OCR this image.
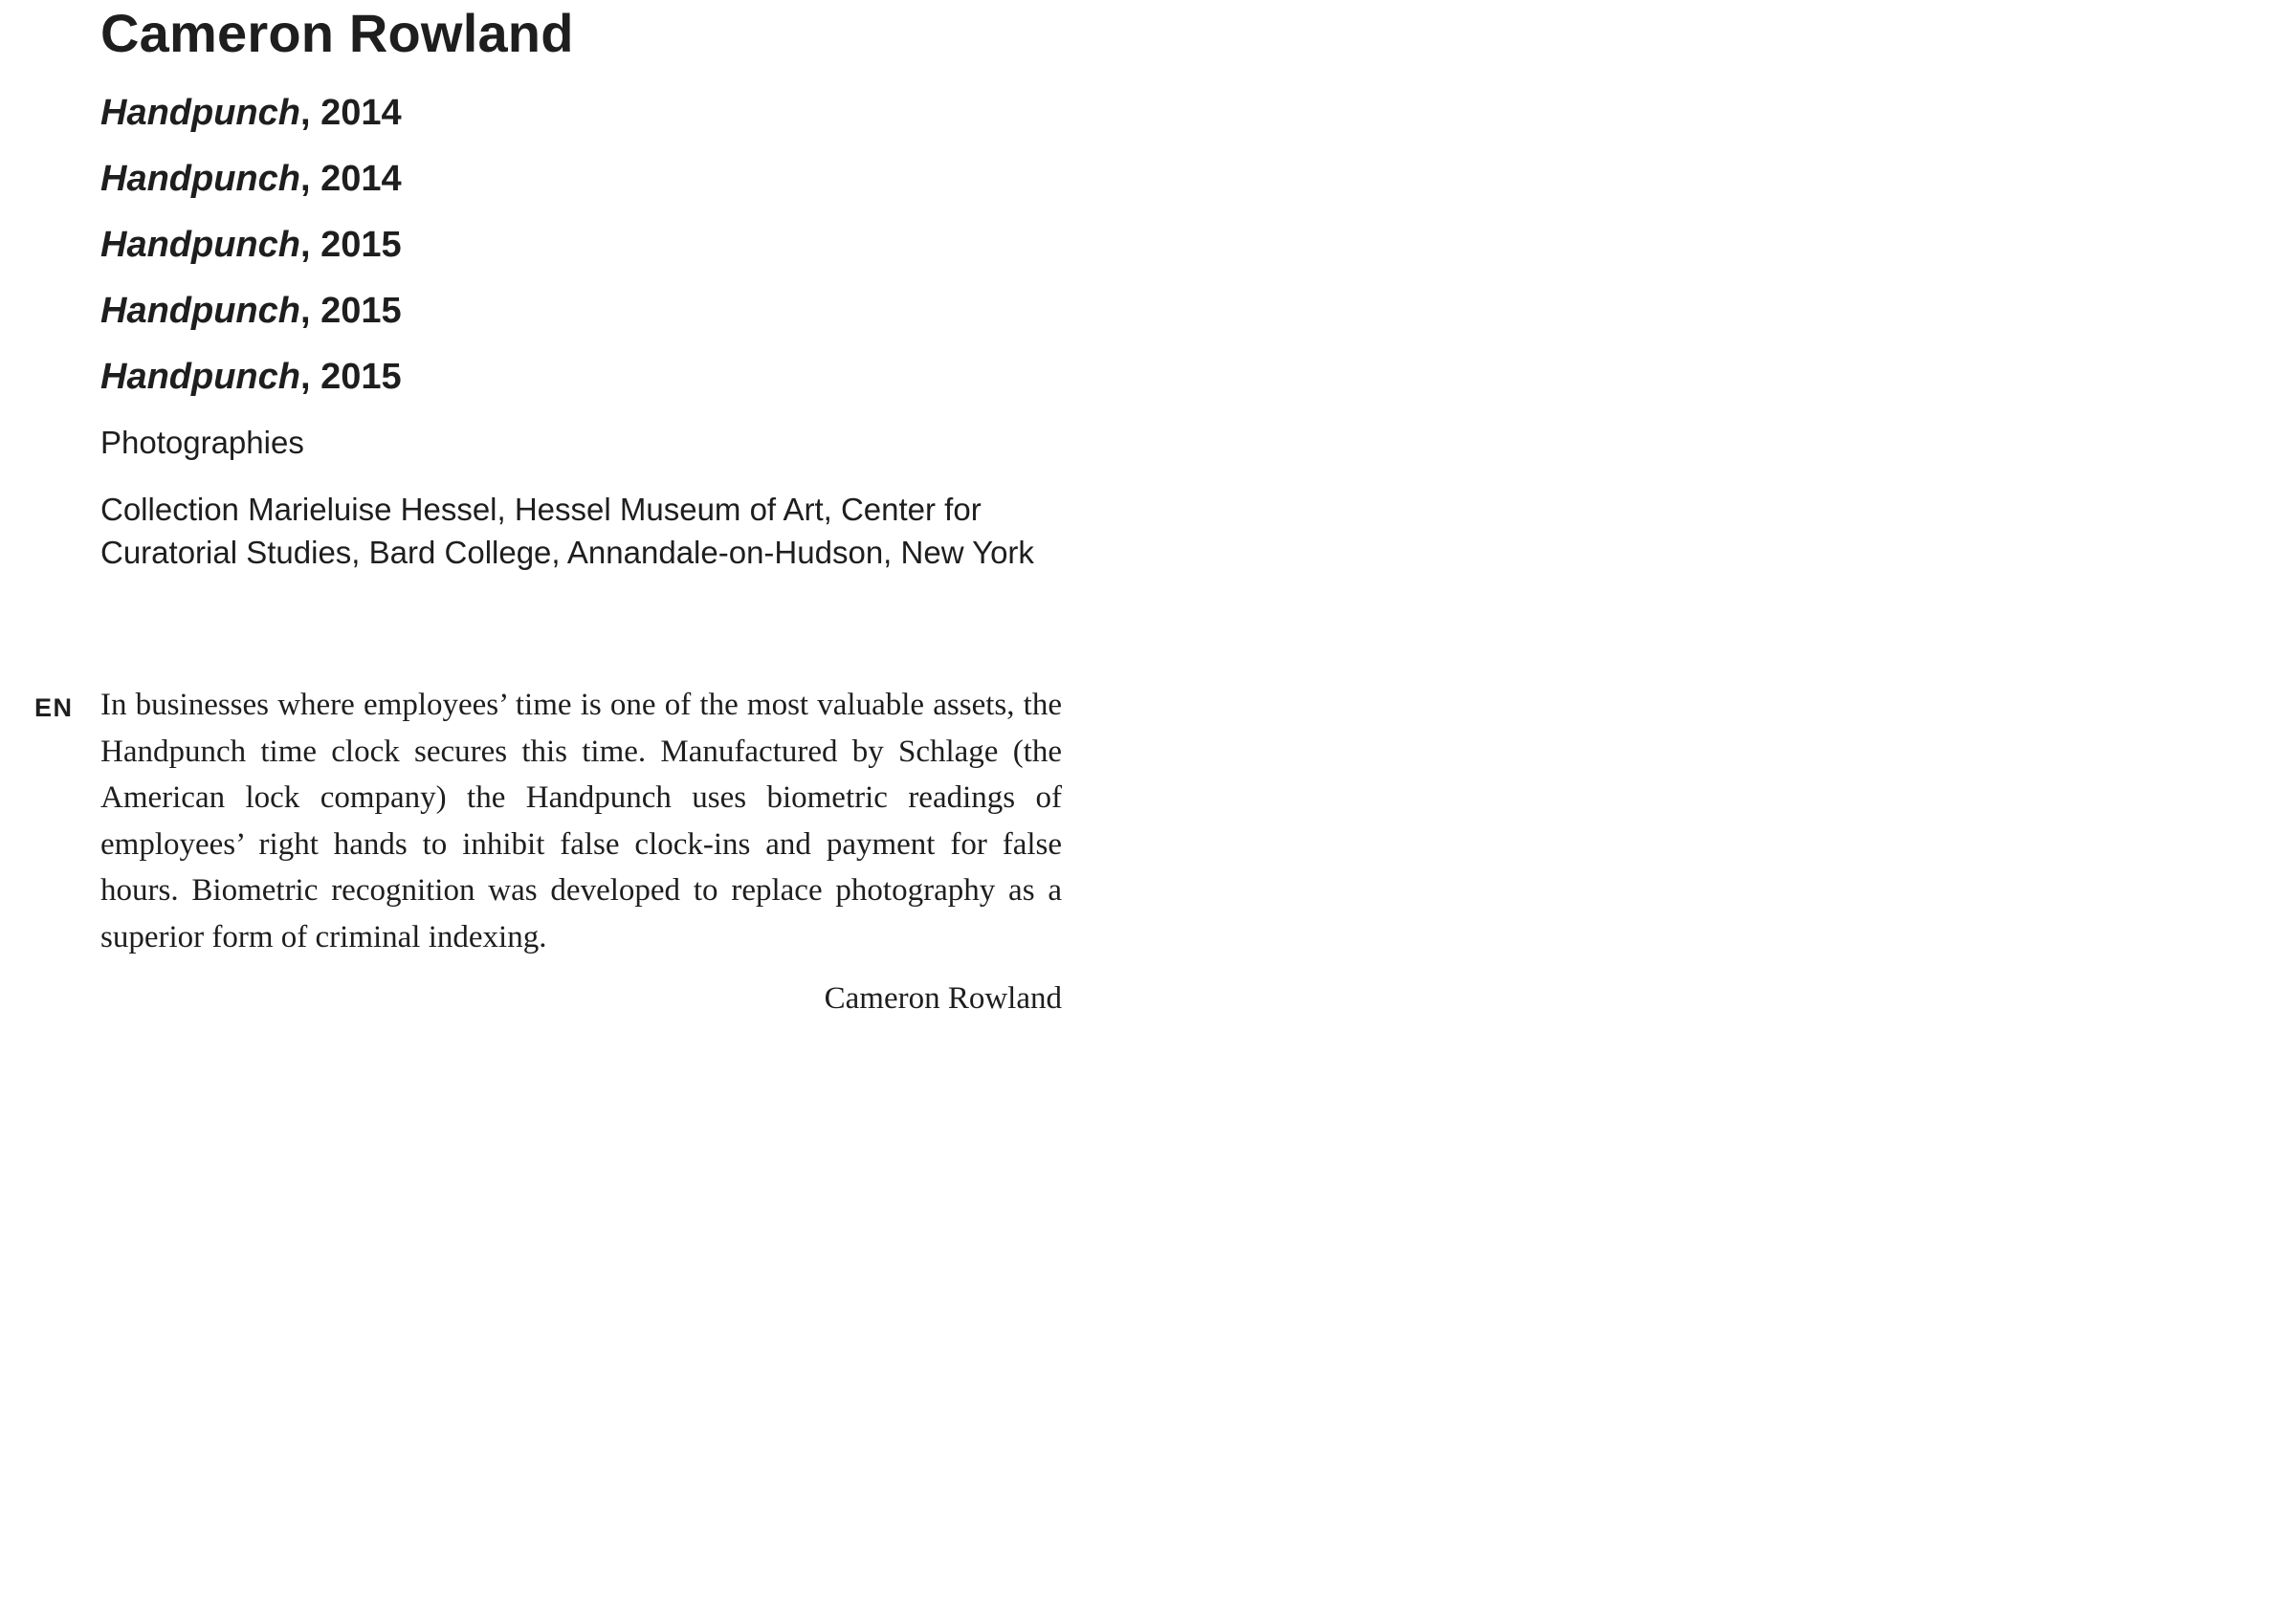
Cameron Rowland
Handpunch, 2014
Handpunch, 2014
Handpunch, 2015
Handpunch, 2015
Handpunch, 2015

Photographies

Collection Marieluise Hessel, Hessel Museum of Art, Center for Curatorial Studies, Bard College, Annandale-on-Hudson, New York

EN In businesses where employees’ time is one of the most valuable assets, the Handpunch time clock secures this time. Manufactured by Schlage (the American lock company) the Handpunch uses biometric readings of employees’ right hands to inhibit false clock-ins and payment for false hours. Biometric recognition was developed to replace photography as a superior form of criminal indexing.

Cameron Rowland
